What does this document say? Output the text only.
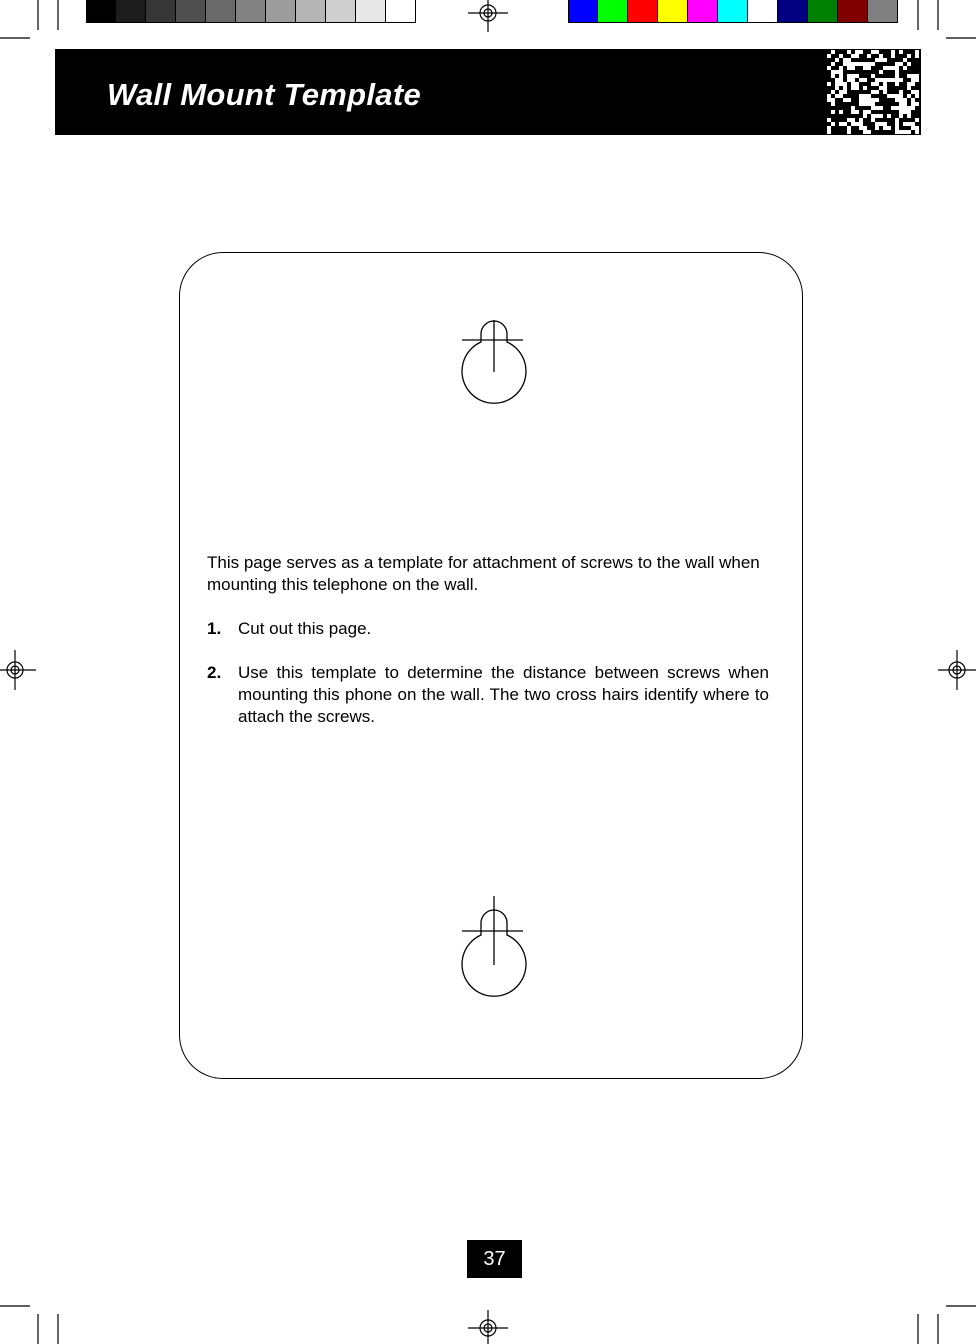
Wall Mount Template

This page serves as a template for attachment of screws to the wall when mounting this telephone on the wall.

1. Cut out this page.
2. Use this template to determine the distance between screws when mounting this phone on the wall. The two cross hairs identify where to attach the screws.
37
